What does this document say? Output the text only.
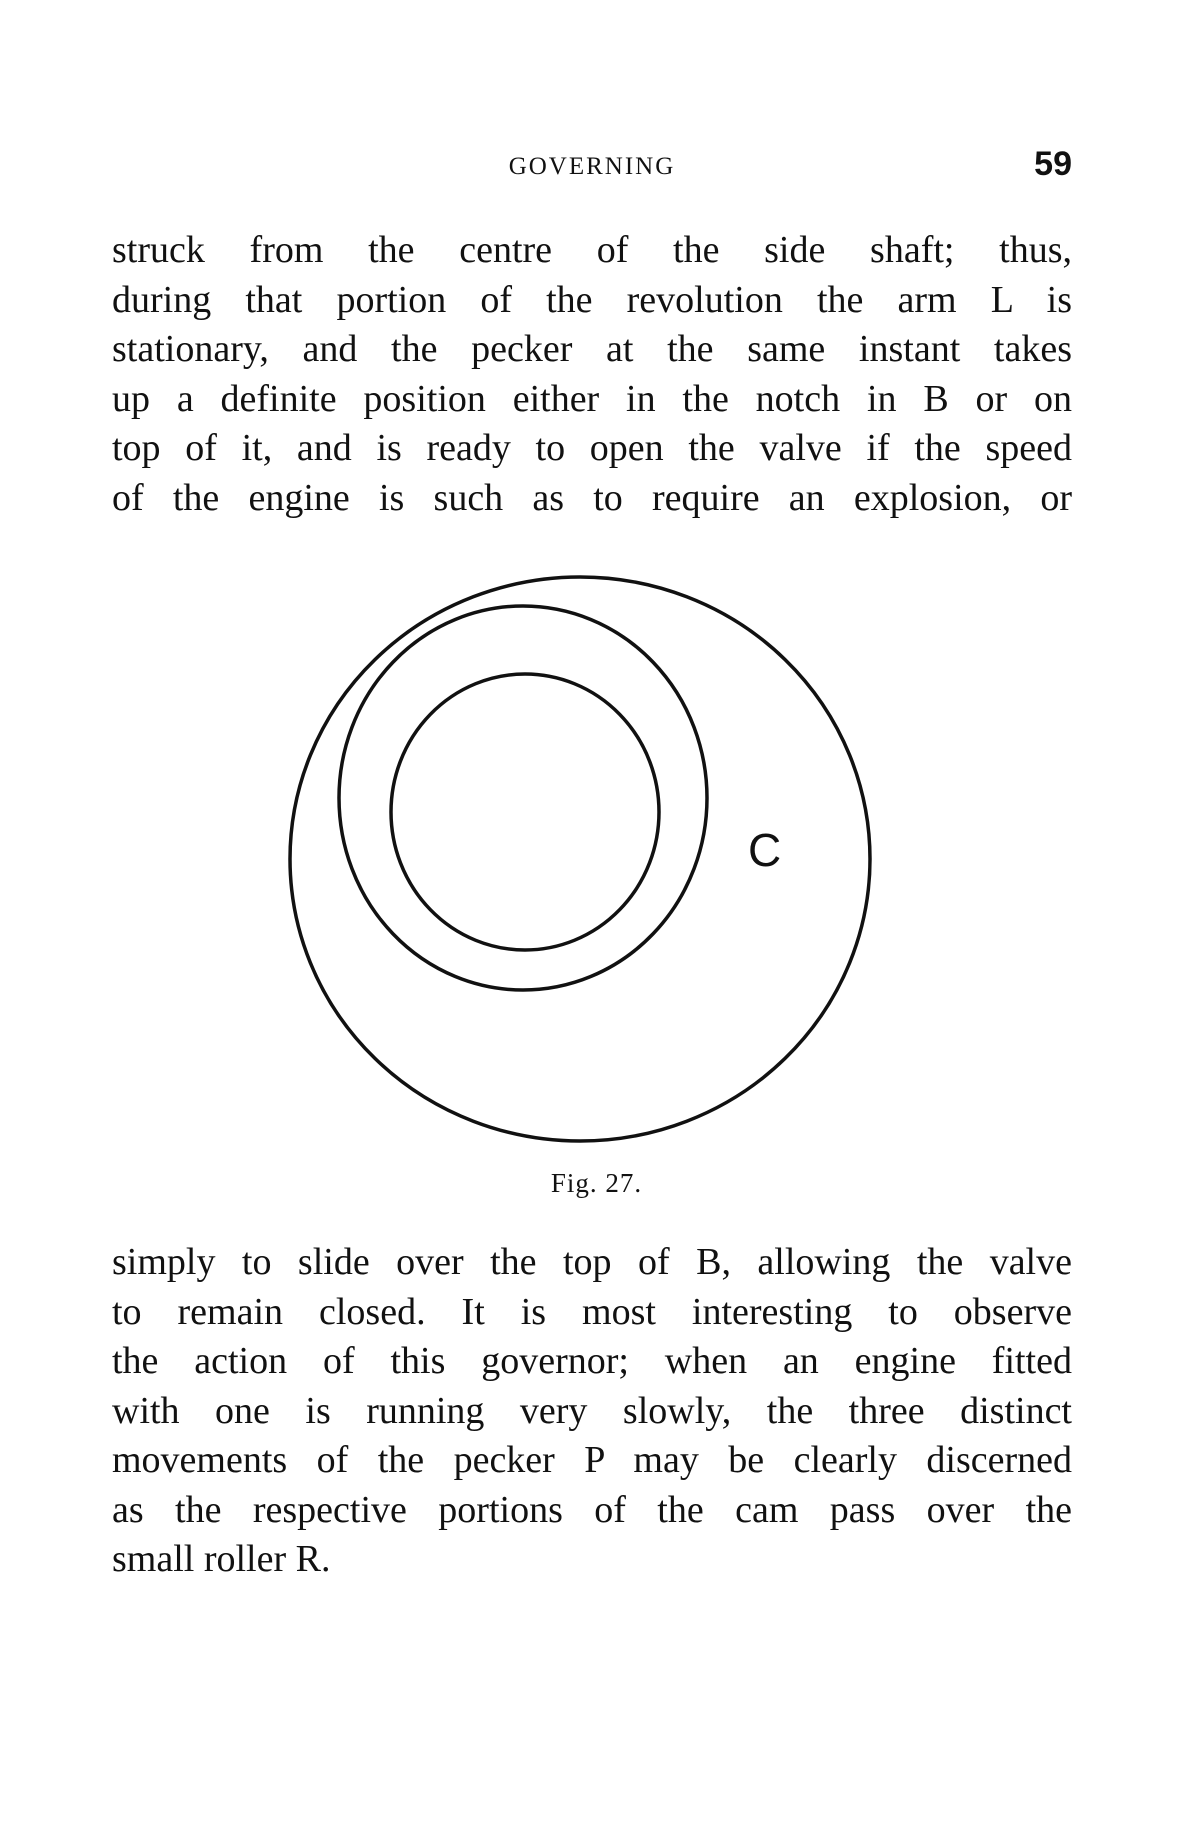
GOVERNING	59
struck from the centre of the side shaft; thus,
during that portion of the revolution the arm L is
stationary, and the pecker at the same instant takes
up a definite position either in the notch in B or on
top of it, and is ready to open the valve if the speed
of the engine is such as to require an explosion, or
C
Fig. 27.
simply to slide over the top of B, allowing the valve
to remain closed. It is most interesting to observe
the action of this governor; when an engine fitted
with one is running very slowly, the three distinct
movements of the pecker P may be clearly discerned
as the respective portions of the cam pass over the
small roller R.
